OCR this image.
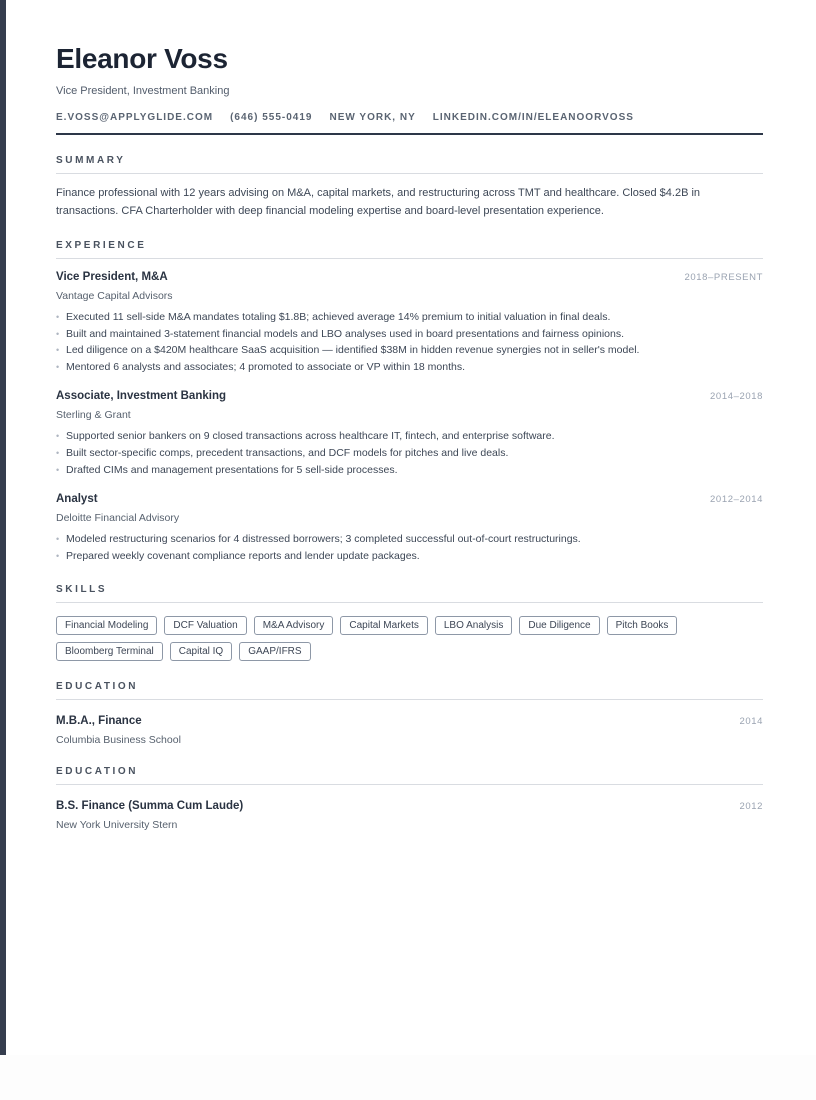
Eleanor Voss
Vice President, Investment Banking
E.VOSS@APPLYGLIDE.COM (646) 555-0419 NEW YORK, NY LINKEDIN.COM/IN/ELEANOORVOSS
SUMMARY

Finance professional with 12 years advising on M&A, capital markets, and restructuring across TMT and healthcare. Closed $4.2B in transactions. CFA Charterholder with deep financial modeling expertise and board-level presentation experience.

EXPERIENCE
Vice President, M&A	2018–PRESENT
Vantage Capital Advisors
• Executed 11 sell-side M&A mandates totaling $1.8B; achieved average 14% premium to initial valuation in final deals.
• Built and maintained 3-statement financial models and LBO analyses used in board presentations and fairness opinions.
• Led diligence on a $420M healthcare SaaS acquisition — identified $38M in hidden revenue synergies not in seller's model.
• Mentored 6 analysts and associates; 4 promoted to associate or VP within 18 months.
Associate, Investment Banking	2014–2018
Sterling & Grant
• Supported senior bankers on 9 closed transactions across healthcare IT, fintech, and enterprise software.
• Built sector-specific comps, precedent transactions, and DCF models for pitches and live deals.
• Drafted CIMs and management presentations for 5 sell-side processes.
Analyst	2012–2014
Deloitte Financial Advisory
• Modeled restructuring scenarios for 4 distressed borrowers; 3 completed successful out-of-court restructurings.
• Prepared weekly covenant compliance reports and lender update packages.
SKILLS
Financial Modeling	DCF Valuation	M&A Advisory	Capital Markets	LBO Analysis	Due Diligence	Pitch Books
Bloomberg Terminal	Capital IQ	GAAP/IFRS
EDUCATION
M.B.A., Finance	2014
Columbia Business School
EDUCATION
B.S. Finance (Summa Cum Laude)	2012
New York University Stern
